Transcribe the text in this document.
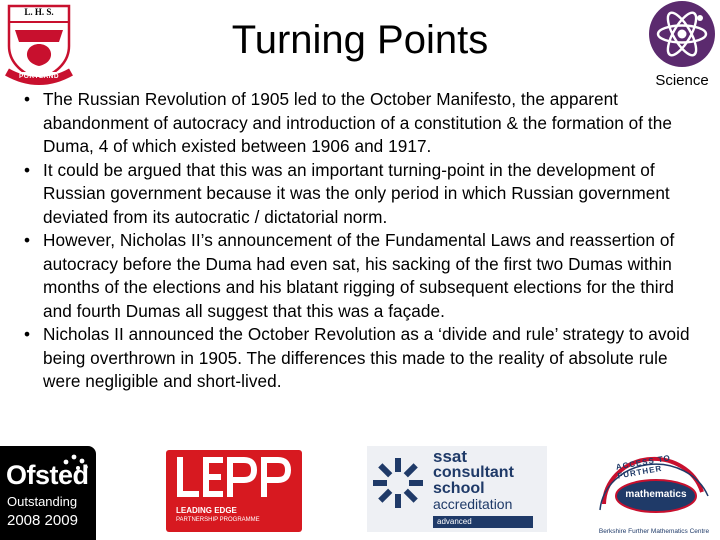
L. H. S.
PORTLAND
Turning Points
Science
• The Russian Revolution of 1905 led to the October Manifesto, the apparent abandonment of autocracy and introduction of a constitution & the formation of the Duma, 4 of which existed between 1906 and 1917.
• It could be argued that this was an important turning-point in the development of Russian government because it was the only period in which Russian government deviated from its autocratic / dictatorial norm.
• However, Nicholas II’s announcement of the Fundamental Laws and reassertion of autocracy before the Duma had even sat, his sacking of the first two Dumas within months of the elections and his blatant rigging of subsequent elections for the third and fourth Dumas all suggest that this was a façade.
• Nicholas II announced the October Revolution as a ‘divide and rule’ strategy to avoid being overthrown in 1905. The differences this made to the reality of absolute rule were negligible and short-lived.
Ofsted
Outstanding
2008 2009
LEADING EDGE
PARTNERSHIP PROGRAMME
ssat
consultant
school
accreditation
advanced
ACCESS TO FURTHER
mathematics
Berkshire Further Mathematics Centre
